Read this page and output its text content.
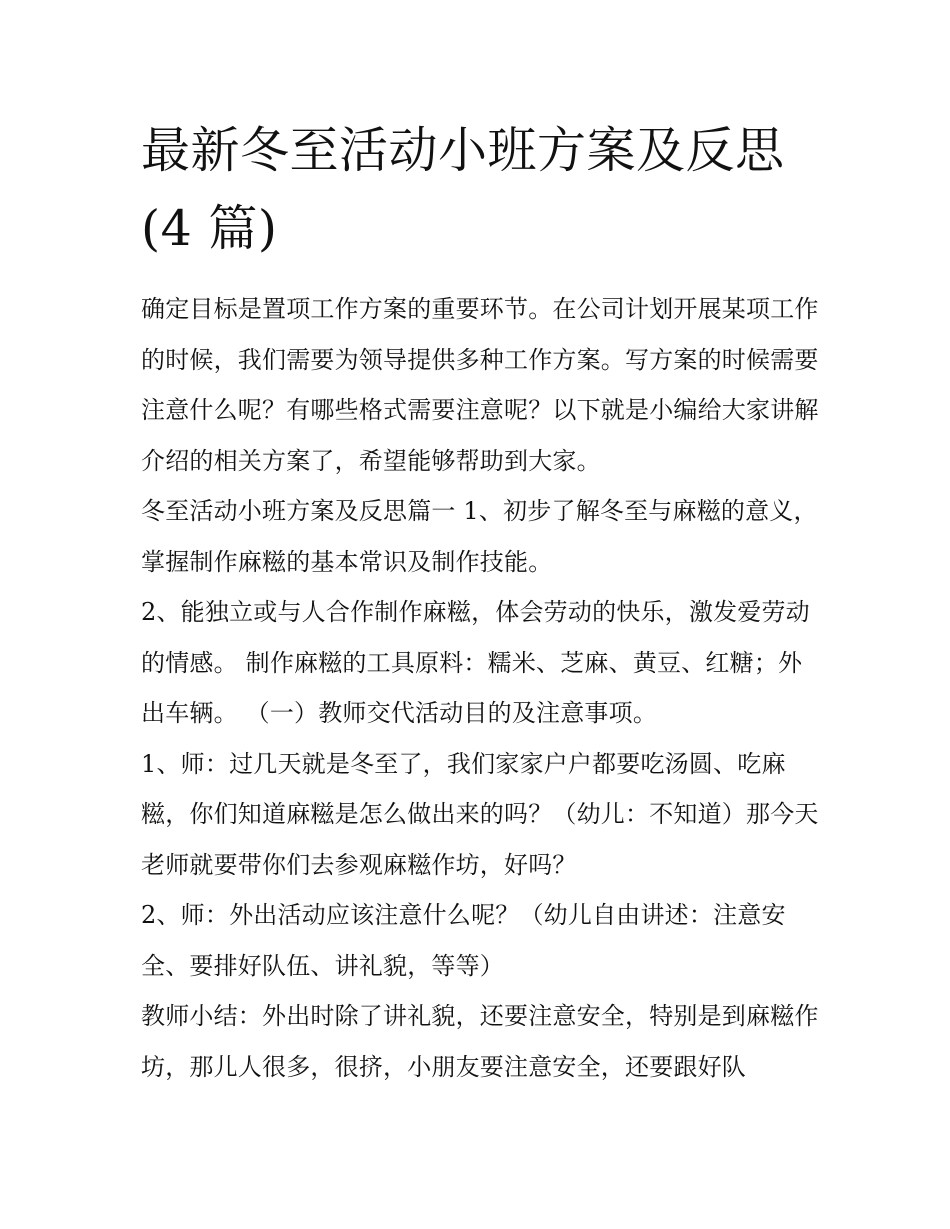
最新冬至活动小班方案及反思
(4 篇)

确定目标是置项工作方案的重要环节。在公司计划开展某项工作的时候，我们需要为领导提供多种工作方案。写方案的时候需要注意什么呢？有哪些格式需要注意呢？以下就是小编给大家讲解介绍的相关方案了，希望能够帮助到大家。

冬至活动小班方案及反思篇一 1、初步了解冬至与麻糍的意义，掌握制作麻糍的基本常识及制作技能。

2、能独立或与人合作制作麻糍，体会劳动的快乐，激发爱劳动的情感。 制作麻糍的工具原料：糯米、芝麻、黄豆、红糖；外出车辆。 （一）教师交代活动目的及注意事项。

1、师：过几天就是冬至了，我们家家户户都要吃汤圆、吃麻糍，你们知道麻糍是怎么做出来的吗？（幼儿：不知道）那今天老师就要带你们去参观麻糍作坊，好吗？

2、师：外出活动应该注意什么呢？（幼儿自由讲述：注意安全、要排好队伍、讲礼貌，等等）

教师小结：外出时除了讲礼貌，还要注意安全，特别是到麻糍作坊，那儿人很多，很挤，小朋友要注意安全，还要跟好队
